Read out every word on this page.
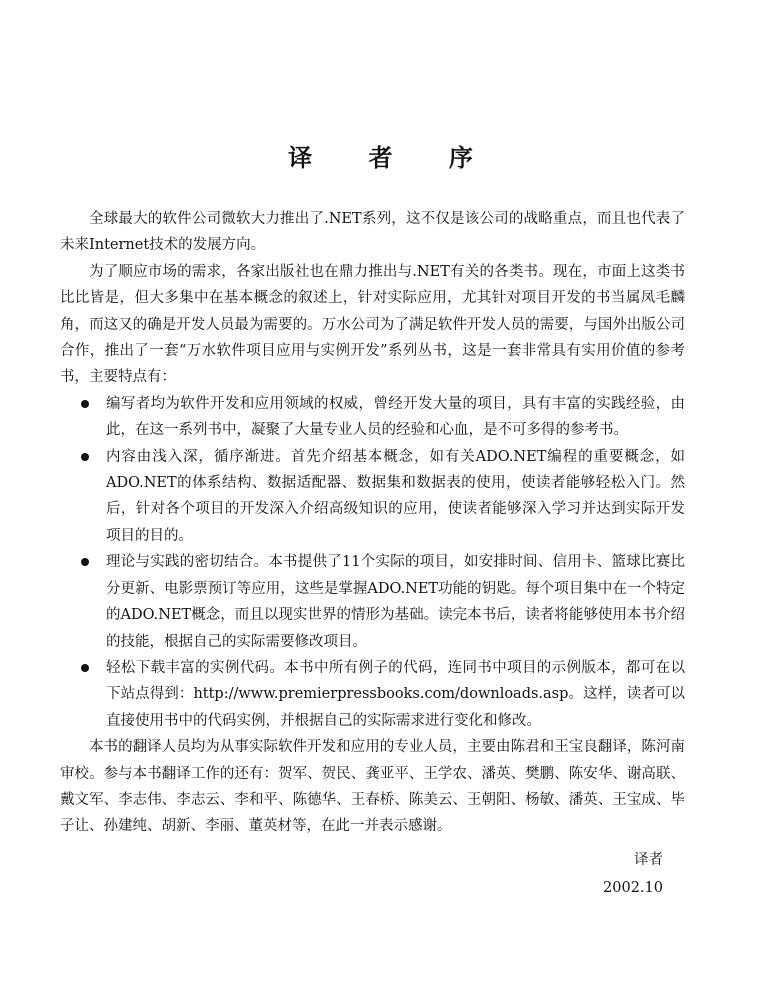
译 者 序

全球最大的软件公司微软大力推出了.NET系列，这不仅是该公司的战略重点，而且也代表了未来Internet技术的发展方向。

为了顺应市场的需求，各家出版社也在鼎力推出与.NET有关的各类书。现在，市面上这类书比比皆是，但大多集中在基本概念的叙述上，针对实际应用，尤其针对项目开发的书当属凤毛麟角，而这又的确是开发人员最为需要的。万水公司为了满足软件开发人员的需要，与国外出版公司合作，推出了一套“万水软件项目应用与实例开发”系列丛书，这是一套非常具有实用价值的参考书，主要特点有：

编写者均为软件开发和应用领域的权威，曾经开发大量的项目，具有丰富的实践经验，由此，在这一系列书中，凝聚了大量专业人员的经验和心血，是不可多得的参考书。
内容由浅入深，循序渐进。首先介绍基本概念，如有关ADO.NET编程的重要概念，如ADO.NET的体系结构、数据适配器、数据集和数据表的使用，使读者能够轻松入门。然后，针对各个项目的开发深入介绍高级知识的应用，使读者能够深入学习并达到实际开发项目的目的。
理论与实践的密切结合。本书提供了11个实际的项目，如安排时间、信用卡、篮球比赛比分更新、电影票预订等应用，这些是掌握ADO.NET功能的钥匙。每个项目集中在一个特定的ADO.NET概念，而且以现实世界的情形为基础。读完本书后，读者将能够使用本书介绍的技能，根据自己的实际需要修改项目。
轻松下载丰富的实例代码。本书中所有例子的代码，连同书中项目的示例版本，都可在以下站点得到：http://www.premierpressbooks.com/downloads.asp。这样，读者可以直接使用书中的代码实例，并根据自己的实际需求进行变化和修改。

本书的翻译人员均为从事实际软件开发和应用的专业人员，主要由陈君和王宝良翻译，陈河南审校。参与本书翻译工作的还有：贺军、贺民、龚亚平、王学农、潘英、樊鹏、陈安华、谢高联、戴文军、李志伟、李志云、李和平、陈德华、王春桥、陈美云、王朝阳、杨敏、潘英、王宝成、毕子让、孙建纯、胡新、李丽、董英材等，在此一并表示感谢。

译者
2002.10
